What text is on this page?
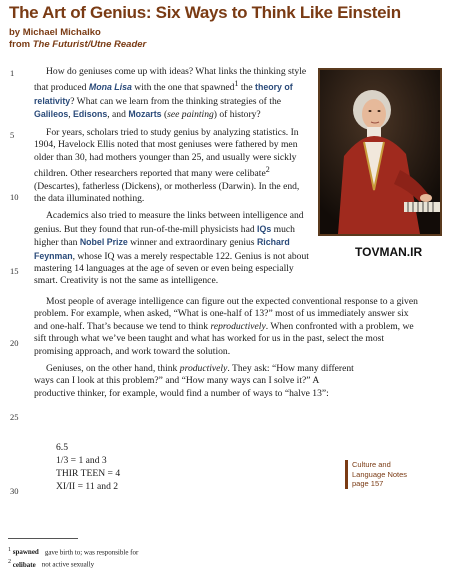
The Art of Genius: Six Ways to Think Like Einstein
by Michael Michalko
from The Futurist/Utne Reader
1
5
10
15
20
25
30

How do geniuses come up with ideas? What links the thinking style that produced Mona Lisa with the one that spawned$^1$ the theory of relativity? What can we learn from the thinking strategies of the Galileos, Edisons, and Mozarts (see painting) of history?

For years, scholars tried to study genius by analyzing statistics. In 1904, Havelock Ellis noted that most geniuses were fathered by men older than 30, had mothers younger than 25, and usually were sickly children. Other researchers reported that many were celibate$^2$ (Descartes), fatherless (Dickens), or motherless (Darwin). In the end, the data illuminated nothing.

Academics also tried to measure the links between intelligence and genius. But they found that run-of-the-mill physicists had IQs much higher than Nobel Prize winner and extraordinary genius Richard Feynman, whose IQ was a merely respectable 122. Genius is not about mastering 14 languages at the age of seven or even being especially smart. Creativity is not the same as intelligence.

Most people of average intelligence can figure out the expected conventional response to a given problem. For example, when asked, “What is one-half of 13?” most of us immediately answer six and one-half. That’s because we tend to think reproductively. When confronted with a problem, we sift through what we’ve been taught and what has worked for us in the past, select the most promising approach, and work toward the solution.

Geniuses, on the other hand, think productively. They ask: “How many different ways can I look at this problem?” and “How many ways can I solve it?” A productive thinker, for example, would find a number of ways to “halve 13”:

TOVMAN.IR
6.5
1/3 = 1 and 3
THIR TEEN = 4
XI/II = 11 and 2
Culture and
Language Notes
page 157
$^1$ spawned gave birth to; was responsible for
$^2$ celibate not active sexually
